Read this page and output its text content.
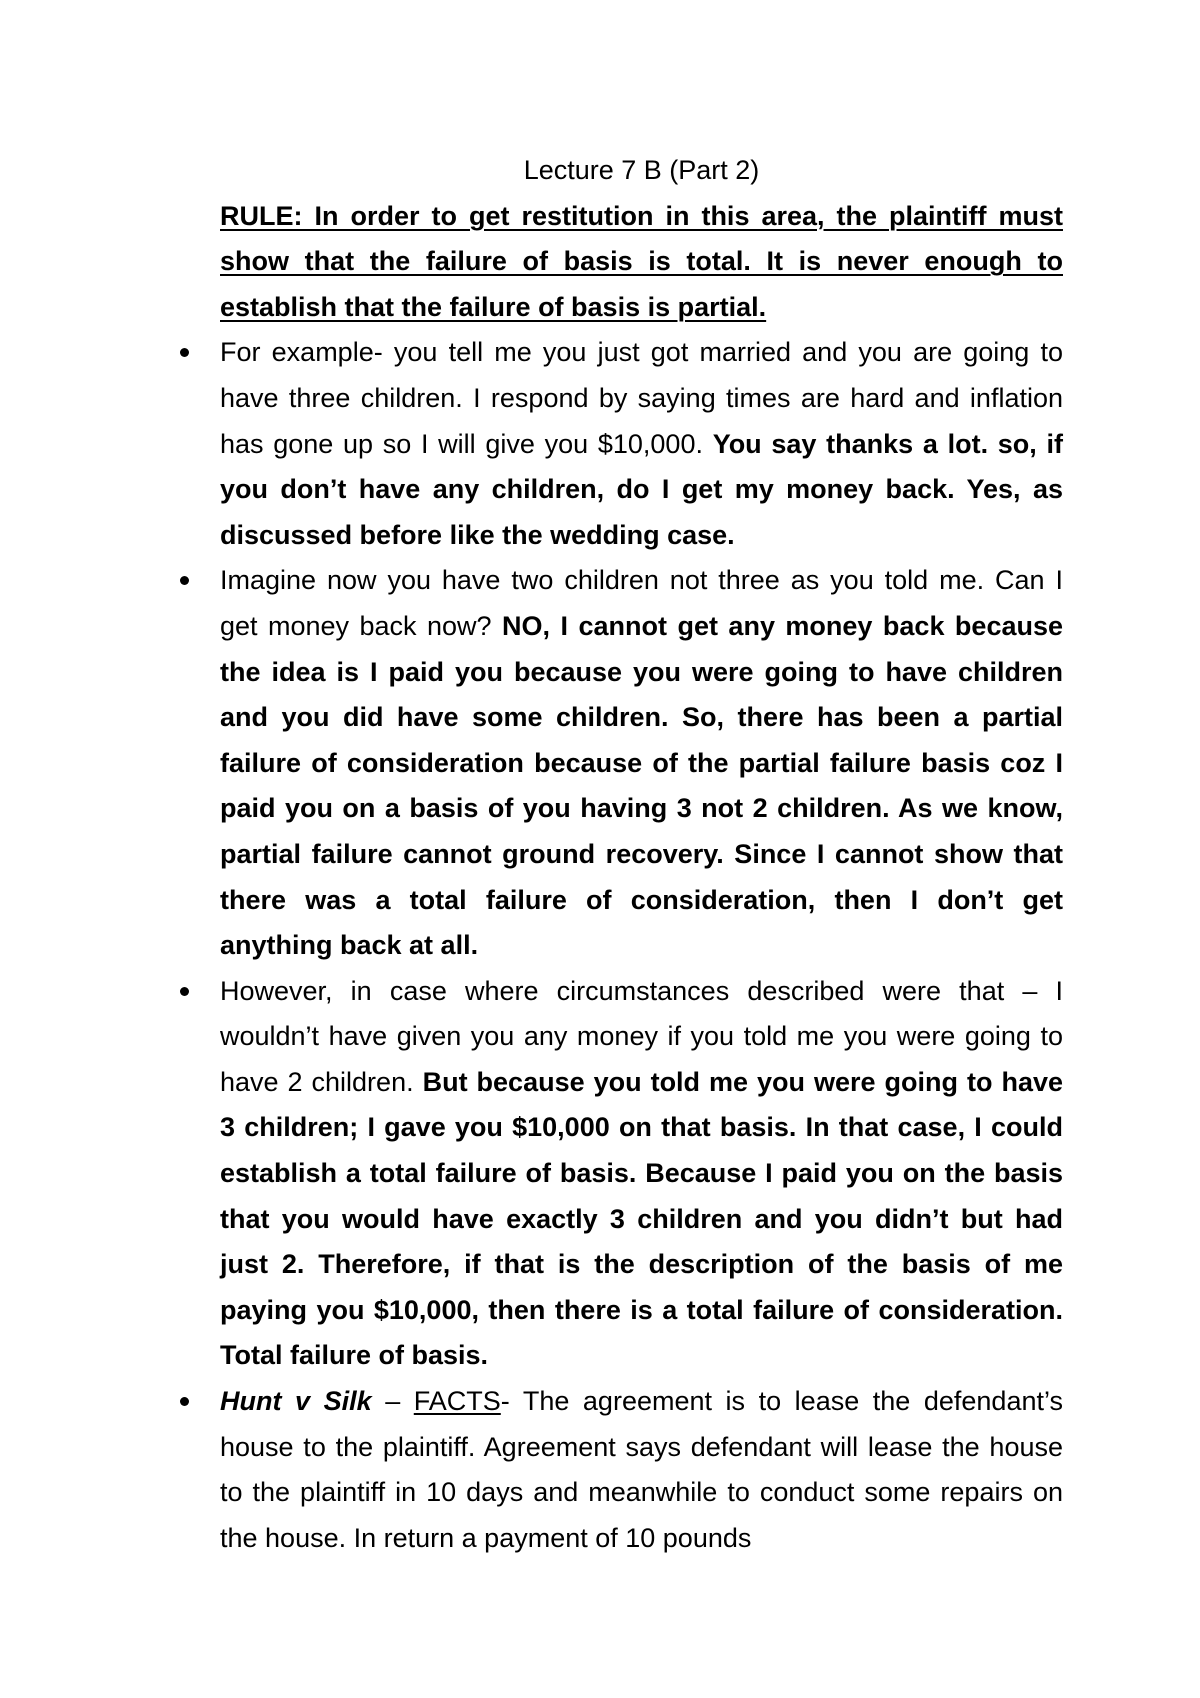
Lecture 7 B (Part 2)

RULE: In order to get restitution in this area, the plaintiff must show that the failure of basis is total. It is never enough to establish that the failure of basis is partial.

For example- you tell me you just got married and you are going to have three children. I respond by saying times are hard and inflation has gone up so I will give you $10,000. You say thanks a lot. so, if you don’t have any children, do I get my money back. Yes, as discussed before like the wedding case.
Imagine now you have two children not three as you told me. Can I get money back now? NO, I cannot get any money back because the idea is I paid you because you were going to have children and you did have some children. So, there has been a partial failure of consideration because of the partial failure basis coz I paid you on a basis of you having 3 not 2 children. As we know, partial failure cannot ground recovery. Since I cannot show that there was a total failure of consideration, then I don’t get anything back at all.
However, in case where circumstances described were that – I wouldn’t have given you any money if you told me you were going to have 2 children. But because you told me you were going to have 3 children; I gave you $10,000 on that basis. In that case, I could establish a total failure of basis. Because I paid you on the basis that you would have exactly 3 children and you didn’t but had just 2. Therefore, if that is the description of the basis of me paying you $10,000, then there is a total failure of consideration. Total failure of basis.
Hunt v Silk – FACTS- The agreement is to lease the defendant’s house to the plaintiff. Agreement says defendant will lease the house to the plaintiff in 10 days and meanwhile to conduct some repairs on the house. In return a payment of 10 pounds
